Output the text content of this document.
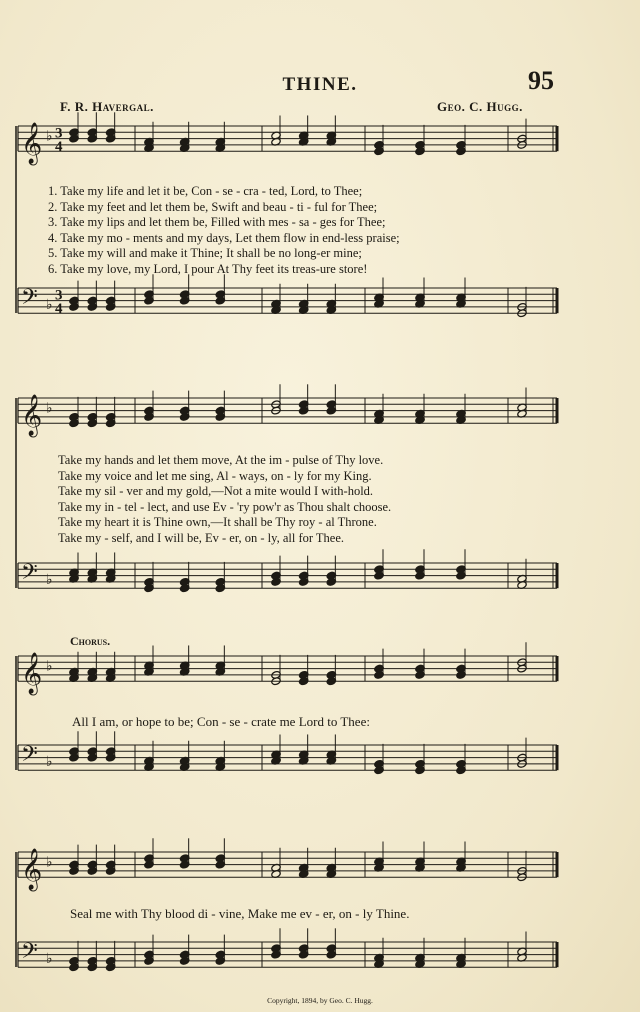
𝄞 ♭ 3
4
𝄢 ♭
3
4
𝄞 ♭
𝄢 ♭
𝄞 ♭
𝄢 ♭
𝄞 ♭
𝄢 ♭
95
THINE.
F. R. Havergal.	Geo. C. Hugg.
1. Take my life and let it be, Con - se - cra - ted, Lord, to Thee;
2. Take my feet and let them be, Swift and beau - ti - ful for Thee;
3. Take my lips and let them be, Filled with mes - sa - ges for Thee;
4. Take my mo - ments and my days, Let them flow in end-less praise;
5. Take my will and make it Thine; It shall be no long-er mine;
6. Take my love, my Lord, I pour At Thy feet its treas-ure store!
Take my hands and let them move, At the im - pulse of Thy love.
Take my voice and let me sing, Al - ways, on - ly for my King.
Take my sil - ver and my gold,—Not a mite would I with-hold.
Take my in - tel - lect, and use Ev - 'ry pow'r as Thou shalt choose.
Take my heart it is Thine own,—It shall be Thy roy - al Throne.
Take my - self, and I will be, Ev - er, on - ly, all for Thee.
Chorus.
All I am, or hope to be; Con - se - crate me Lord to Thee:
Seal me with Thy blood di - vine, Make me ev - er, on - ly Thine.
Copyright, 1894, by Geo. C. Hugg.
